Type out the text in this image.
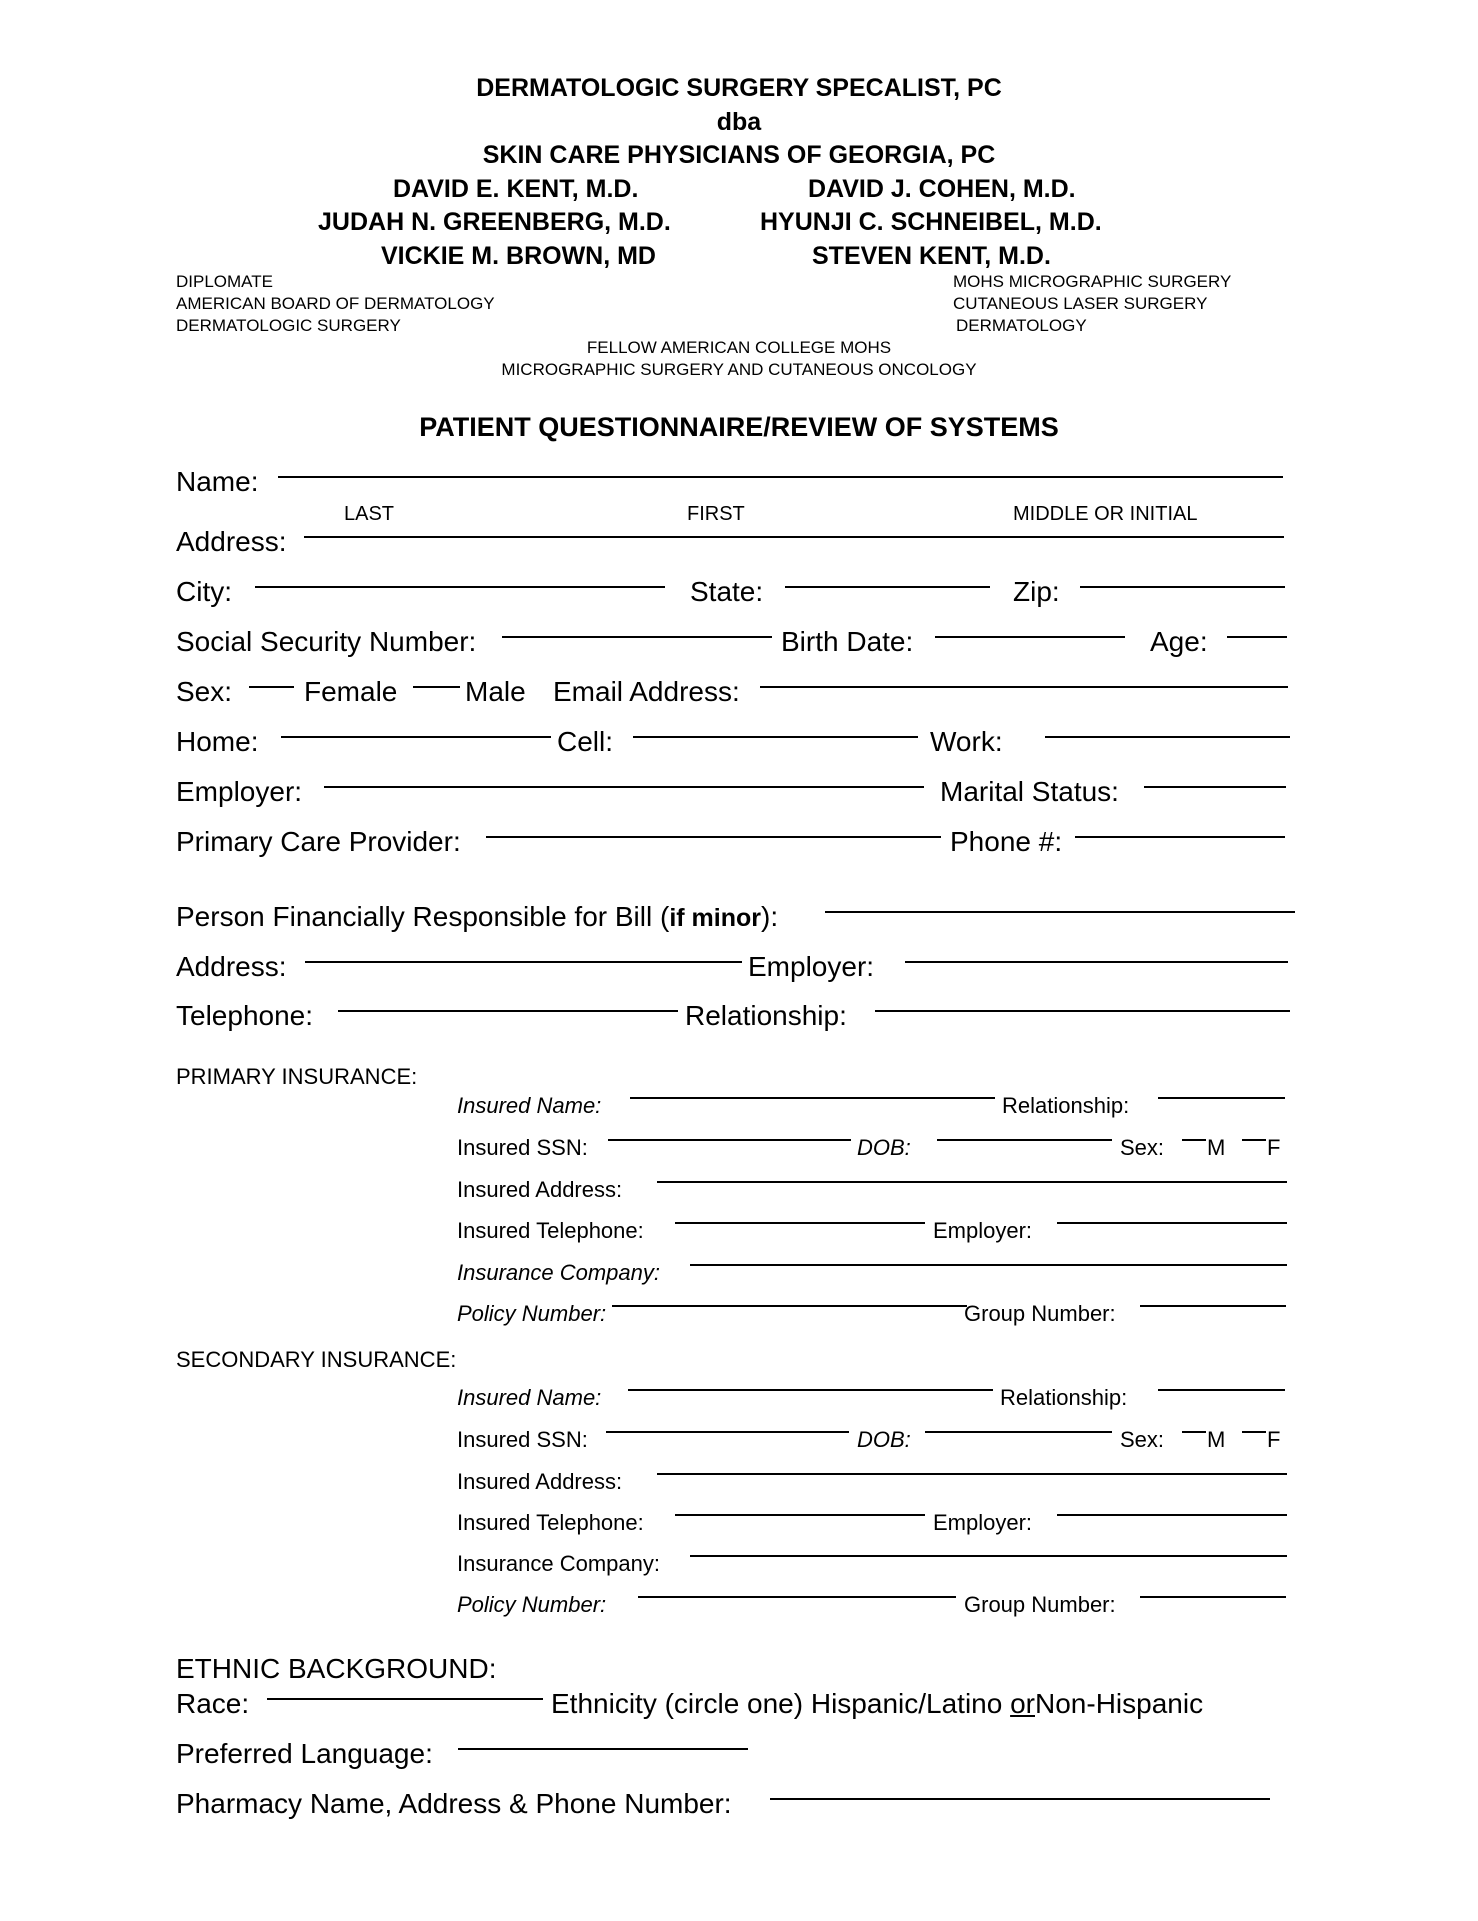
DERMATOLOGIC SURGERY SPECALIST, PC
dba
SKIN CARE PHYSICIANS OF GEORGIA, PC
DAVID E. KENT, M.D.	DAVID J. COHEN, M.D.
JUDAH N. GREENBERG, M.D.	HYUNJI C. SCHNEIBEL, M.D.
VICKIE M. BROWN, MD	STEVEN KENT, M.D.
DIPLOMATE
AMERICAN BOARD OF DERMATOLOGY
DERMATOLOGIC SURGERY
MOHS MICROGRAPHIC SURGERY
CUTANEOUS LASER SURGERY
DERMATOLOGY
FELLOW AMERICAN COLLEGE MOHS
MICROGRAPHIC SURGERY AND CUTANEOUS ONCOLOGY
PATIENT QUESTIONNAIRE/REVIEW OF SYSTEMS
Name:
LAST	FIRST	MIDDLE OR INITIAL
Address:
City:	State:	Zip:
Social Security Number:	Birth Date:	Age:
Sex:	Female Male Email Address:
Home:	Cell:	Work:
Employer:	Marital Status:
Primary Care Provider:	Phone #:
Person Financially Responsible for Bill (if minor):
Address:	Employer:
Telephone:	Relationship:
PRIMARY INSURANCE:
Insured Name:	Relationship:
Insured SSN:	DOB:	Sex: M F
Insured Address:
Insured Telephone:	Employer:
Insurance Company:
Policy Number:	Group Number:
SECONDARY INSURANCE:
Insured Name:	Relationship:
Insured SSN:	DOB:	Sex: M F
Insured Address:
Insured Telephone:	Employer:
Insurance Company:
Policy Number:	Group Number:
ETHNIC BACKGROUND:
Race:	Ethnicity (circle one) Hispanic/Latino orNon-Hispanic
Preferred Language:
Pharmacy Name, Address & Phone Number:
